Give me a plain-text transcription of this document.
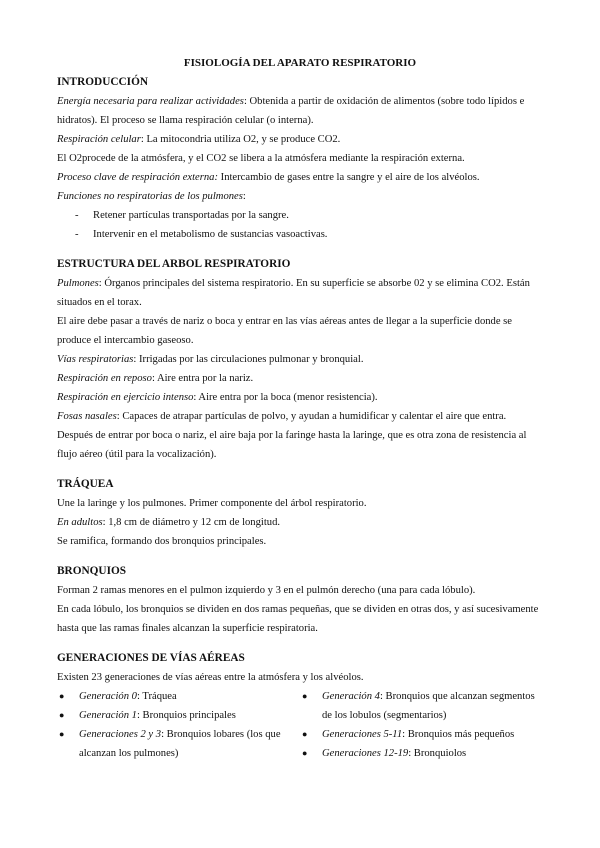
FISIOLOGÍA DEL APARATO RESPIRATORIO
INTRODUCCIÓN

Energía necesaria para realizar actividades: Obtenida a partir de oxidación de alimentos (sobre todo lípidos e hidratos). El proceso se llama respiración celular (o interna).

Respiración celular: La mitocondria utiliza O2, y se produce CO2.

El O2procede de la atmósfera, y el CO2 se libera a la atmósfera mediante la respiración externa.

Proceso clave de respiración externa: Intercambio de gases entre la sangre y el aire de los alvéolos.

Funciones no respiratorias de los pulmones:

- Retener partículas transportadas por la sangre.
- Intervenir en el metabolismo de sustancias vasoactivas.
ESTRUCTURA DEL ARBOL RESPIRATORIO

Pulmones: Órganos principales del sistema respiratorio. En su superficie se absorbe 02 y se elimina CO2. Están situados en el torax.

El aire debe pasar a través de nariz o boca y entrar en las vías aéreas antes de llegar a la superficie donde se produce el intercambio gaseoso.

Vías respiratorias: Irrigadas por las circulaciones pulmonar y bronquial.

Respiración en reposo: Aire entra por la nariz.

Respiración en ejercicio intenso: Aire entra por la boca (menor resistencia).

Fosas nasales: Capaces de atrapar partículas de polvo, y ayudan a humidificar y calentar el aire que entra.

Después de entrar por boca o nariz, el aire baja por la faringe hasta la laringe, que es otra zona de resistencia al flujo aéreo (útil para la vocalización).

TRÁQUEA

Une la laringe y los pulmones. Primer componente del árbol respiratorio.

En adultos: 1,8 cm de diámetro y 12 cm de longitud.

Se ramifica, formando dos bronquios principales.

BRONQUIOS

Forman 2 ramas menores en el pulmon izquierdo y 3 en el pulmón derecho (una para cada lóbulo).

En cada lóbulo, los bronquios se dividen en dos ramas pequeñas, que se dividen en otras dos, y así sucesivamente hasta que las ramas finales alcanzan la superficie respiratoria.

GENERACIONES DE VÍAS AÉREAS

Existen 23 generaciones de vías aéreas entre la atmósfera y los alvéolos.

● Generación 0: Tráquea
● Generación 1: Bronquios principales
● Generaciones 2 y 3: Bronquios lobares (los que alcanzan los pulmones)
● Generación 4: Bronquios que alcanzan segmentos de los lobulos (segmentarios)
● Generaciones 5-11: Bronquios más pequeños
● Generaciones 12-19: Bronquiolos
